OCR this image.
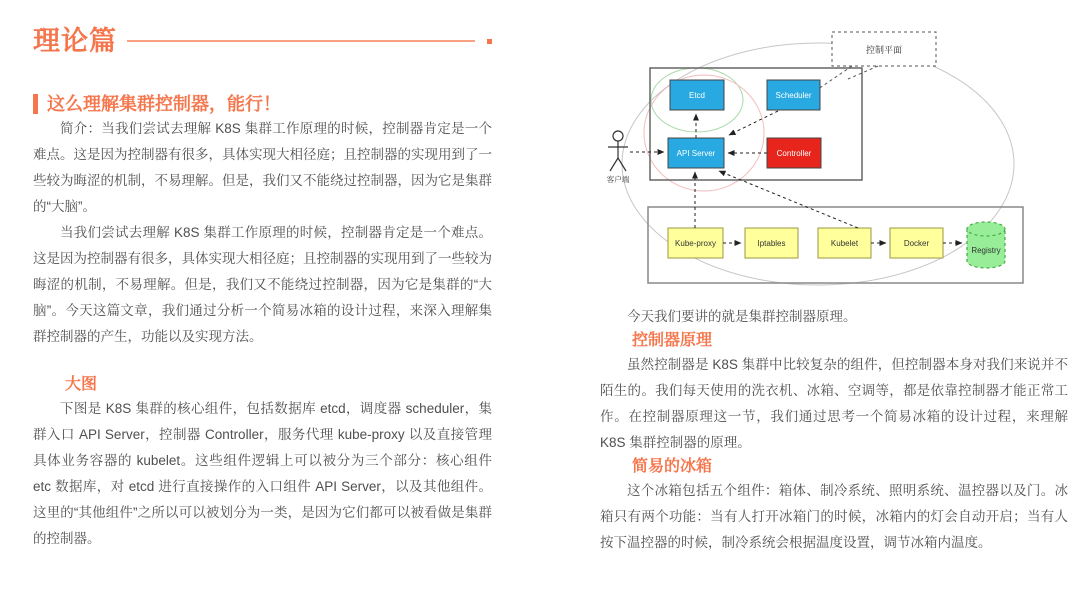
理论篇
这么理解集群控制器，能行！

简介：当我们尝试去理解 K8S 集群工作原理的时候，控制器肯定是一个难点。这是因为控制器有很多，具体实现大相径庭；且控制器的实现用到了一些较为晦涩的机制，不易理解。但是，我们又不能绕过控制器，因为它是集群的“大脑”。

当我们尝试去理解 K8S 集群工作原理的时候，控制器肯定是一个难点。这是因为控制器有很多，具体实现大相径庭；且控制器的实现用到了一些较为晦涩的机制，不易理解。但是，我们又不能绕过控制器，因为它是集群的“大脑”。今天这篇文章，我们通过分析一个简易冰箱的设计过程，来深入理解集群控制器的产生，功能以及实现方法。

大图

下图是 K8S 集群的核心组件，包括数据库 etcd，调度器 scheduler，集群入口 API Server，控制器 Controller，服务代理 kube-proxy 以及直接管理具体业务容器的 kubelet。这些组件逻辑上可以被分为三个部分：核心组件 etc 数据库，对 etcd 进行直接操作的入口组件 API Server，以及其他组件。这里的“其他组件”之所以可以被划分为一类，是因为它们都可以被看做是集群的控制器。

控制平面
客户端
Etcd	Scheduler
API Server	Controller
Kube-proxy	Iptables	Kubelet	Docker
Registry

今天我们要讲的就是集群控制器原理。

控制器原理

虽然控制器是 K8S 集群中比较复杂的组件，但控制器本身对我们来说并不陌生的。我们每天使用的洗衣机、冰箱、空调等，都是依靠控制器才能正常工作。在控制器原理这一节，我们通过思考一个简易冰箱的设计过程，来理解 K8S 集群控制器的原理。

简易的冰箱

这个冰箱包括五个组件：箱体、制冷系统、照明系统、温控器以及门。冰箱只有两个功能：当有人打开冰箱门的时候，冰箱内的灯会自动开启；当有人按下温控器的时候，制冷系统会根据温度设置，调节冰箱内温度。
